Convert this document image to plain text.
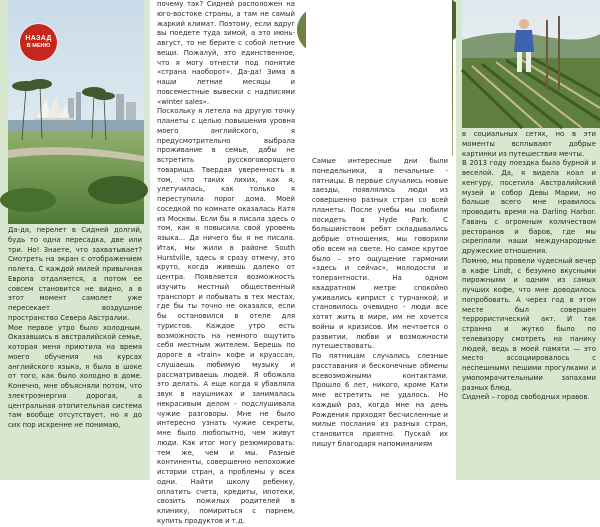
НАЗАД
В МЕНЮ

Да-да, перелет в Сидней долгий, будь то одна пересадка, две или три. Но! Знаете, что захватывает? Смотреть на экран с отображением полета. С каждой милей привычная Европа отдаляется, а потом ее совсем становится не видно, а в этот момент самолет уже пересекает воздушное пространство Севера Австралии.

Мое первое утро было холодным. Оказавшись в австралийской семье, которая меня приютила на время моего обучения на курсах английского языка, я была в шоке от того, как было холодно в доме. Конечно, мне объясняли потом, что электроэнергия дорогая, а центральная отопительная система там вообще отсутствует, но я до сих пор искренне не понимаю,

почему так? Сидней расположен на юго-востоке страны, а там не самый жаркий климат. Поэтому, если вдруг вы поедете туда зимой, а это июнь-август, то не берите с собой летние вещи. Пожалуй, это единственное, что я могу отнести под понятие «страна наоборот». Да-да! Зима в наши летние месяцы и повсеместные вывески с надписями «winter sales».

Поскольку я летела на другую точку планеты с целью повышения уровня моего английского, я предусмотрительно выбрала проживание в семье, дабы не встретить русскоговорящего товарища. Твердая уверенность в том, что таких лихих, как я, улетучилась, как только я переступила порог дома. Моей соседкой по комнате оказалась Катя из Москвы. Если бы я писала здесь о том, как я повысила свой уровень языка... Да ничего бы я не писала. Итак, мы жили в районе South Hurstville, здесь я сразу отмечу, это круто, когда живешь далеко от центра. Появляется возможность изучить местный общественный транспорт и побывать в тех местах, где бы ты точно не оказался, если бы остановился в отеле для туристов. Каждое утро есть возможность на немного ощутить себя местным жителем. Берешь по дороге в «train» кофе и круассан, слушаешь любимую музыку и рассматриваешь людей. Я обожала это делать. А еще когда я убавляла звук в наушниках и занималась некрасивым делом - подслушивала чужие разговоры. Мне не было интересно узнать чужие секреты, мне было любопытно, чем живут люди. Как итог могу резюмировать: тем же, чем и мы. Разные континенты, совершенно непохожие истории стран, а проблемы у всех одни. Найти школу ребенку, оплатить счета, кредиты, ипотеки, свозить пожилых родителей в клинику, помириться с парнем, купить продуктов и т.д.

Самые интересные дни были понедельники, а печальные - пятницы. В первые случались новые заезды, появлялись люди из совершенно разных стран со всей планеты. После учебы мы любили посидеть в Hyde Park. С большинством ребят складывались добрые отношения, мы говорили обо всем на свете. Но самое крутое было – это ощущение гармонии «здесь и сейчас», молодости и толерантности. На одном квадратном метре спокойно уживались киприст с турчанкой, и становилось очевидно - люди все хотят жить в мире, им не хочется войны и кризисов. Им нечтается о развитии, любви и возможности путешествовать.

По пятницам случались слезные расставания и бесконечные обмены всевозможными контактами. Прошло 6 лет, никого, кроме Кати мне встретить не удалось. Но каждый раз, когда мне на день Рождения приходят бесчисленные и милые послания из разных стран, становится приятно. Пускай их пишут благодаря напоминаниям

в социальных сетях, но в эти моменты всплывают добрые картинки из путешествия мечты.

В 2013 году поездка была бурной и веселой. Да, я видела коал и кенгуру, посетила Австралийский музей и собор Девы Марии, но больше всего мне нравилось проводить время на Darling Harbor. Гавань с огромным количеством ресторанов и баров, где мы скрепляли наши международные дружеские отношения.

Помню, мы провели чудесный вечер в кафе Lindt, с безумно вкусными пирожными и одним из самых лучших кофе, что мне доводилось попробовать. А через год в этом месте был совершен террористический акт. И так странно и жутко было по телевизору смотреть на панику людей, ведь в моей памяти — это место ассоциировалось с неспешными пешими прогулками и умопомрачительными запахами разных блюд.

Сидней – город свободных нравов.
